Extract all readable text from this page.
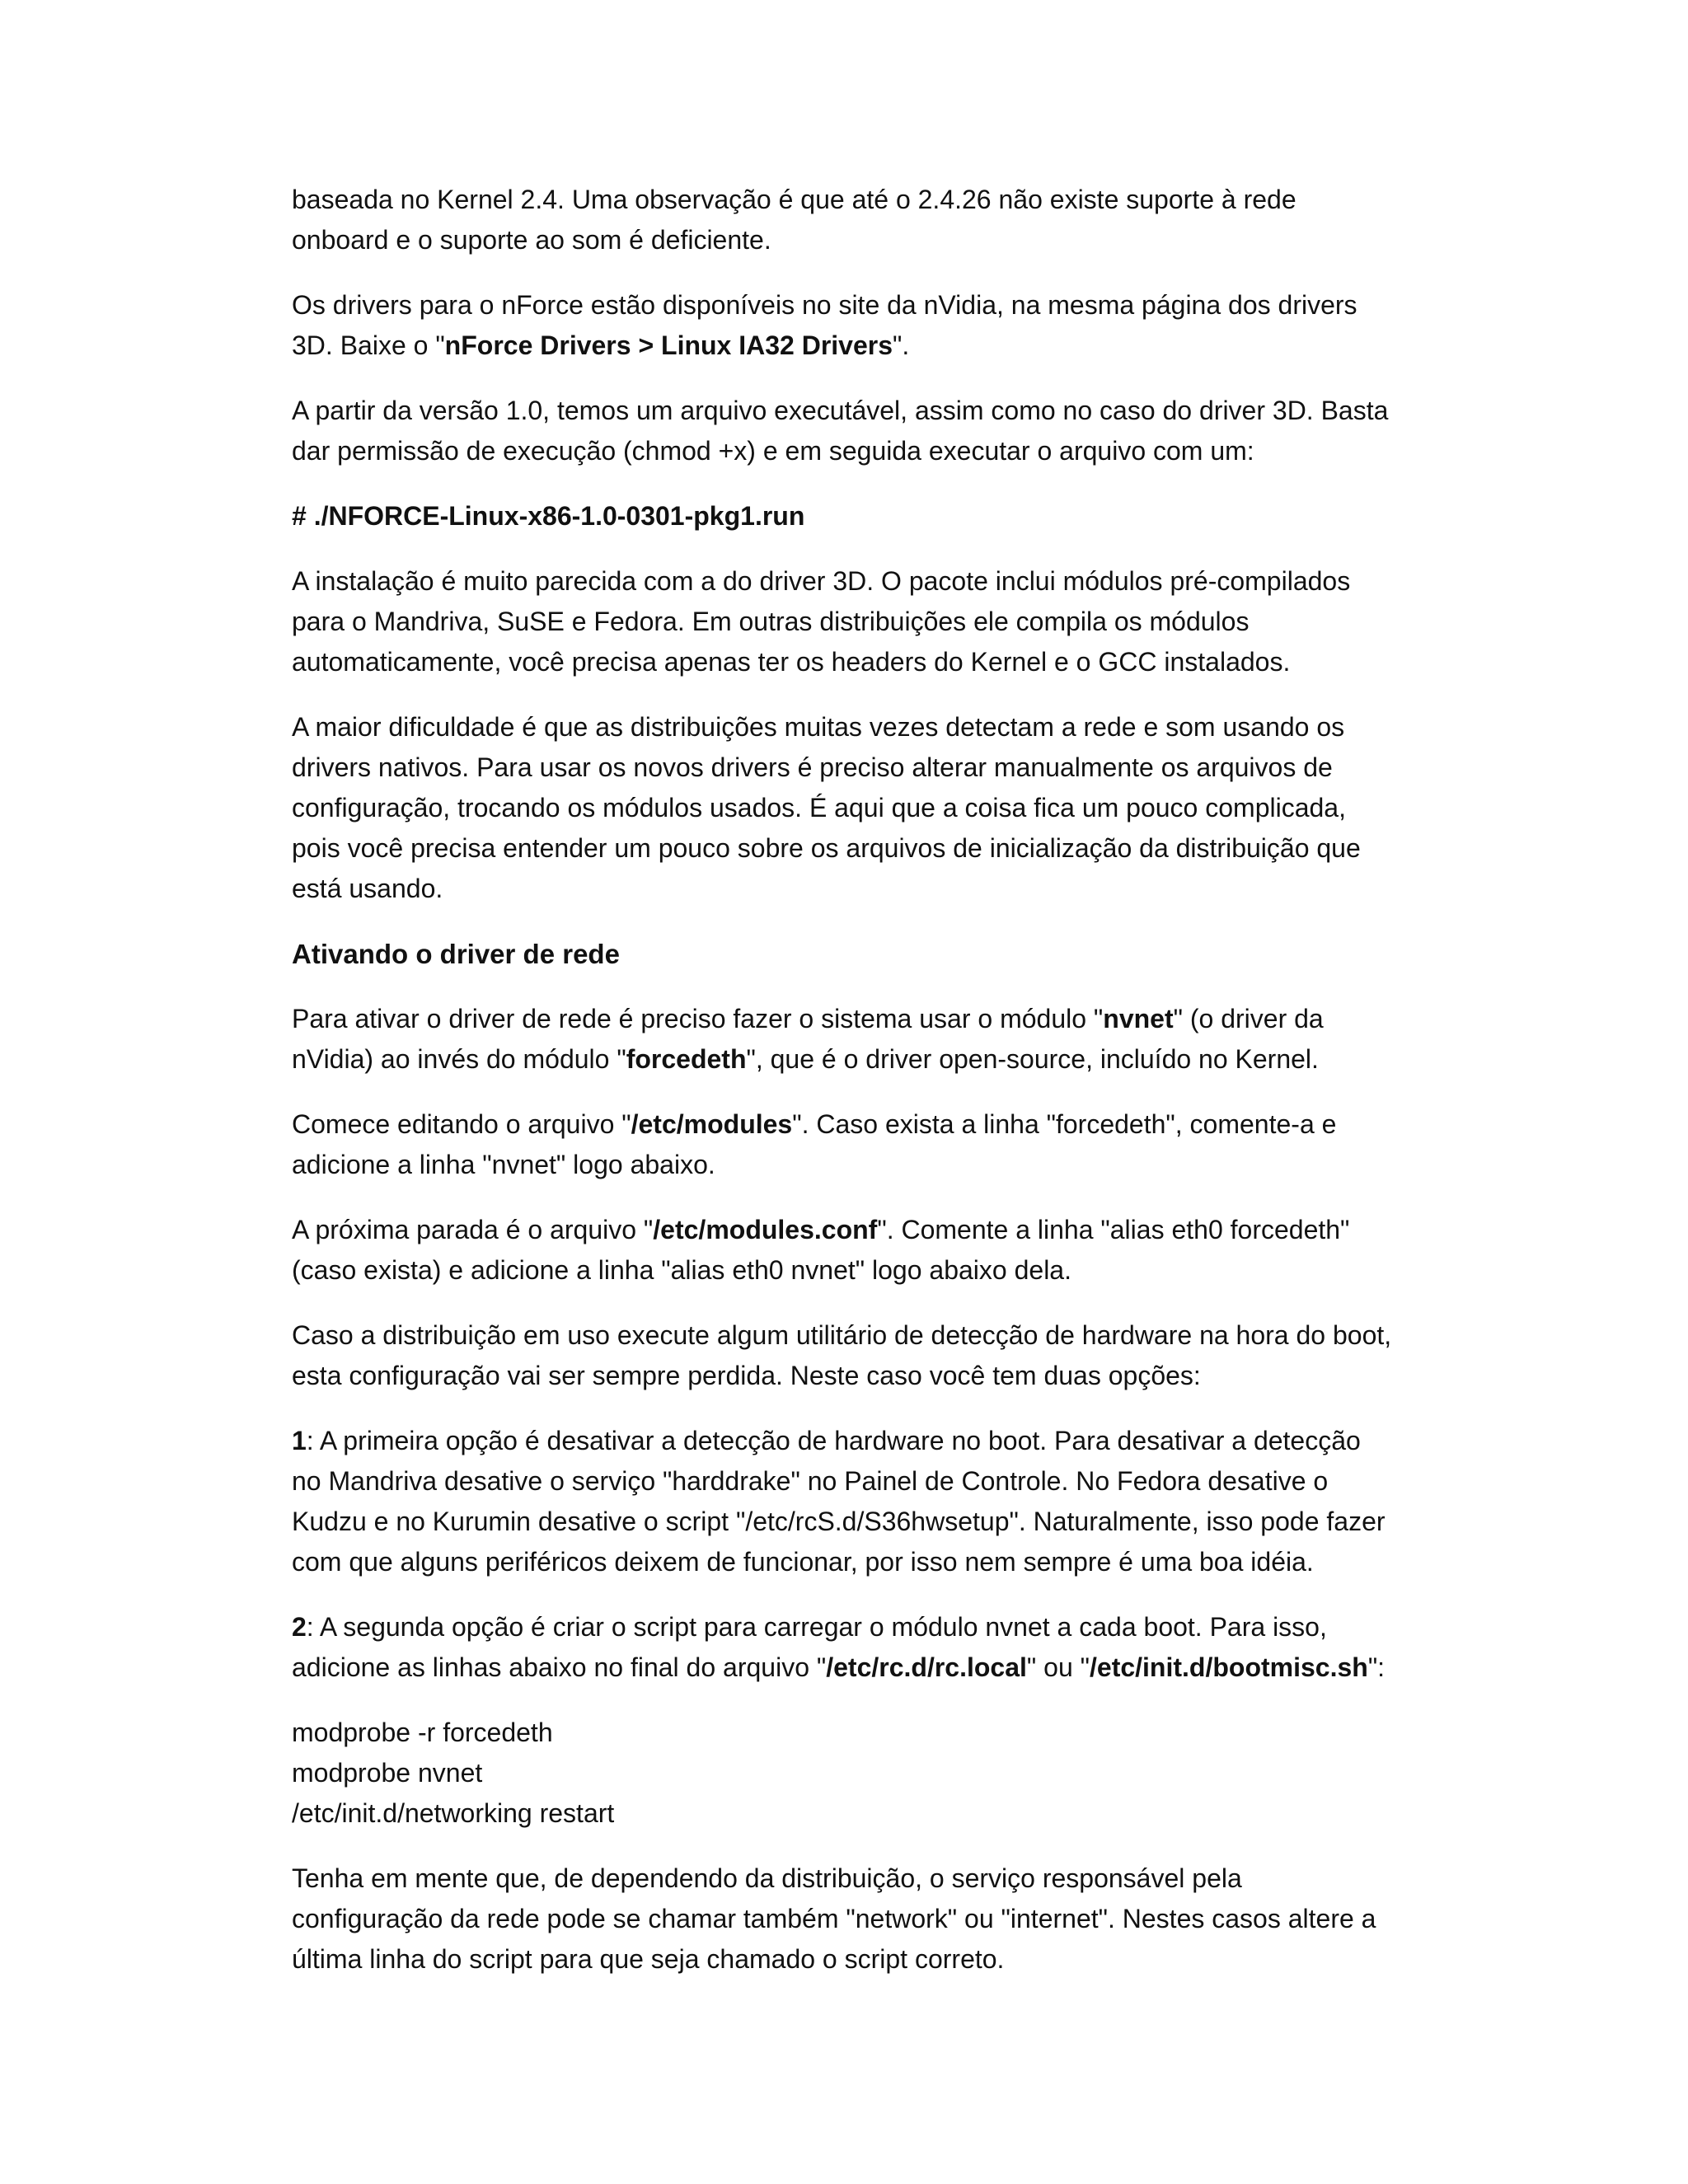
baseada no Kernel 2.4. Uma observação é que até o 2.4.26 não existe suporte à rede onboard e o suporte ao som é deficiente.

Os drivers para o nForce estão disponíveis no site da nVidia, na mesma página dos drivers 3D. Baixe o "nForce Drivers > Linux IA32 Drivers".

A partir da versão 1.0, temos um arquivo executável, assim como no caso do driver 3D. Basta dar permissão de execução (chmod +x) e em seguida executar o arquivo com um:

# ./NFORCE-Linux-x86-1.0-0301-pkg1.run

A instalação é muito parecida com a do driver 3D. O pacote inclui módulos pré-compilados para o Mandriva, SuSE e Fedora. Em outras distribuições ele compila os módulos automaticamente, você precisa apenas ter os headers do Kernel e o GCC instalados.

A maior dificuldade é que as distribuições muitas vezes detectam a rede e som usando os drivers nativos. Para usar os novos drivers é preciso alterar manualmente os arquivos de configuração, trocando os módulos usados. É aqui que a coisa fica um pouco complicada, pois você precisa entender um pouco sobre os arquivos de inicialização da distribuição que está usando.

Ativando o driver de rede

Para ativar o driver de rede é preciso fazer o sistema usar o módulo "nvnet" (o driver da nVidia) ao invés do módulo "forcedeth", que é o driver open-source, incluído no Kernel.

Comece editando o arquivo "/etc/modules". Caso exista a linha "forcedeth", comente-a e adicione a linha "nvnet" logo abaixo.

A próxima parada é o arquivo "/etc/modules.conf". Comente a linha "alias eth0 forcedeth" (caso exista) e adicione a linha "alias eth0 nvnet" logo abaixo dela.

Caso a distribuição em uso execute algum utilitário de detecção de hardware na hora do boot, esta configuração vai ser sempre perdida. Neste caso você tem duas opções:

1: A primeira opção é desativar a detecção de hardware no boot. Para desativar a detecção no Mandriva desative o serviço "harddrake" no Painel de Controle. No Fedora desative o Kudzu e no Kurumin desative o script "/etc/rcS.d/S36hwsetup". Naturalmente, isso pode fazer com que alguns periféricos deixem de funcionar, por isso nem sempre é uma boa idéia.

2: A segunda opção é criar o script para carregar o módulo nvnet a cada boot. Para isso, adicione as linhas abaixo no final do arquivo "/etc/rc.d/rc.local" ou "/etc/init.d/bootmisc.sh":

modprobe -r forcedeth
modprobe nvnet
/etc/init.d/networking restart

Tenha em mente que, de dependendo da distribuição, o serviço responsável pela configuração da rede pode se chamar também "network" ou "internet". Nestes casos altere a última linha do script para que seja chamado o script correto.
